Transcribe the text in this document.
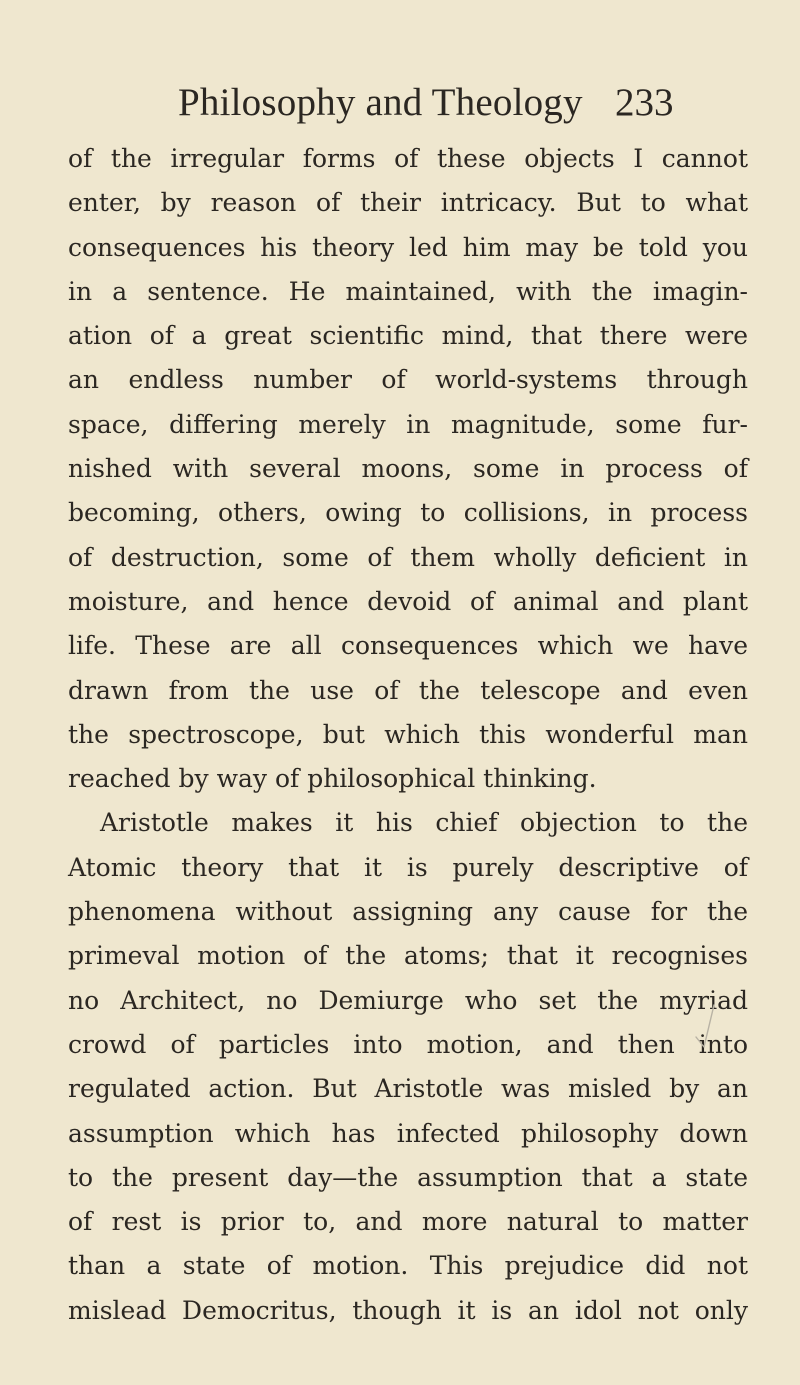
Philosophy and Theology 233
of the irregular forms of these objects I cannot
enter, by reason of their intricacy. But to what
consequences his theory led him may be told you
in a sentence. He maintained, with the imagin-
ation of a great scientific mind, that there were
an endless number of world-systems through
space, differing merely in magnitude, some fur-
nished with several moons, some in process of
becoming, others, owing to collisions, in process
of destruction, some of them wholly deficient in
moisture, and hence devoid of animal and plant
life. These are all consequences which we have
drawn from the use of the telescope and even
the spectroscope, but which this wonderful man
reached by way of philosophical thinking.
Aristotle makes it his chief objection to the
Atomic theory that it is purely descriptive of
phenomena without assigning any cause for the
primeval motion of the atoms; that it recognises
no Architect, no Demiurge who set the myriad
crowd of particles into motion, and then into
regulated action. But Aristotle was misled by an
assumption which has infected philosophy down
to the present day—the assumption that a state
of rest is prior to, and more natural to matter
than a state of motion. This prejudice did not
mislead Democritus, though it is an idol not only
